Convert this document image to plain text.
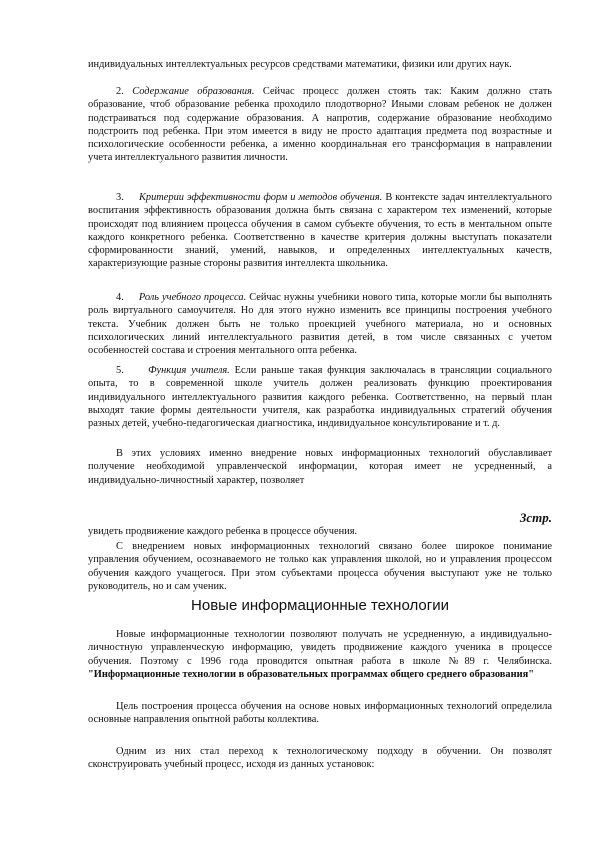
индивидуальных интеллектуальных ресурсов средствами математики, физики или других наук.

2. Содержание образования. Сейчас процесс должен стоять так: Каким должно стать образование, чтоб образование ребенка проходило плодотворно? Иными словам ребенок не должен подстраиваться под содержание образования. А напротив, содержание образование необходимо подстроить под ребенка. При этом имеется в виду не просто адаптация предмета под возрастные и психологические особенности ребенка, а именно координальная его трансформация в направлении учета интеллектуального развития личности.

3. Критерии эффективности форм и методов обучения. В контексте задач интеллектуального воспитания эффективность образования должна быть связана с характером тех изменений, которые происходят под влиянием процесса обучения в самом субъекте обучения, то есть в ментальном опыте каждого конкретного ребенка. Соответственно в качестве критерия должны выступать показатели сформированности знаний, умений, навыков, и определенных интеллектуальных качеств, характеризующие разные стороны развития интеллекта школьника.

4. Роль учебного процесса. Сейчас нужны учебники нового типа, которые могли бы выполнять роль виртуального самоучителя. Но для этого нужно изменить все принципы построения учебного текста. Учебник должен быть не только проекцией учебного материала, но и основных психологических линий интеллектуального развития детей, в том числе связанных с учетом особенностей состава и строения ментального опта ребенка.

5. Функция учителя. Если раньше такая функция заключалась в трансляции социального опыта, то в современной школе учитель должен реализовать функцию проектирования индивидуального интеллектуального развития каждого ребенка. Соответственно, на первый план выходят такие формы деятельности учителя, как разработка индивидуальных стратегий обучения разных детей, учебно-педагогическая диагностика, индивидуальное консультирование и т. д.

В этих условиях именно внедрение новых информационных технологий обуславливает получение необходимой управленческой информации, которая имеет не усредненный, а индивидуально-личностный характер, позволяет

3стр.

увидеть продвижение каждого ребенка в процессе обучения.

С внедрением новых информационных технологий связано более широкое понимание управления обучением, осознаваемого не только как управления школой, но и управления процессом обучения каждого учащегося. При этом субъектами процесса обучения выступают уже не только руководитель, но и сам ученик.

Новые информационные технологии

Новые информационные технологии позволяют получать не усредненную, а индивидуально-личностную управленческую информацию, увидеть продвижение каждого ученика в процессе обучения. Поэтому с 1996 года проводится опытная работа в школе №89 г. Челябинска. "Информационные технологии в образовательных программах общего среднего образования"

Цель построения процесса обучения на основе новых информационных технологий определила основные направления опытной работы коллектива.

Одним из них стал переход к технологическому подходу в обучении. Он позволят сконструировать учебный процесс, исходя из данных установок:
